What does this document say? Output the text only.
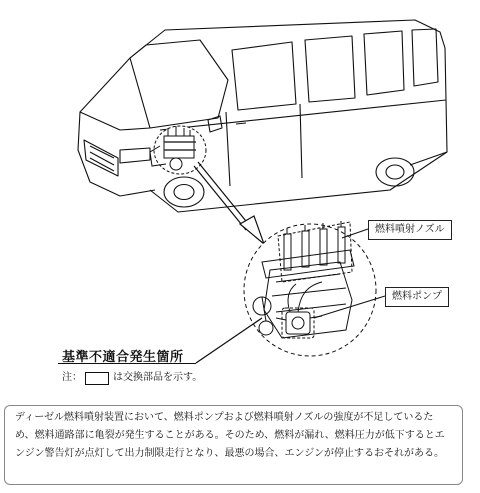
燃料噴射ノズル
燃料ポンプ
基準不適合発生箇所
注：	は交換部品を示す。
ディーゼル燃料噴射装置において、燃料ポンプおよび燃料噴射ノズルの強度が不足しているため、燃料通路部に亀裂が発生することがある。そのため、燃料が漏れ、燃料圧力が低下するとエンジン警告灯が点灯して出力制限走行となり、最悪の場合、エンジンが停止するおそれがある。
